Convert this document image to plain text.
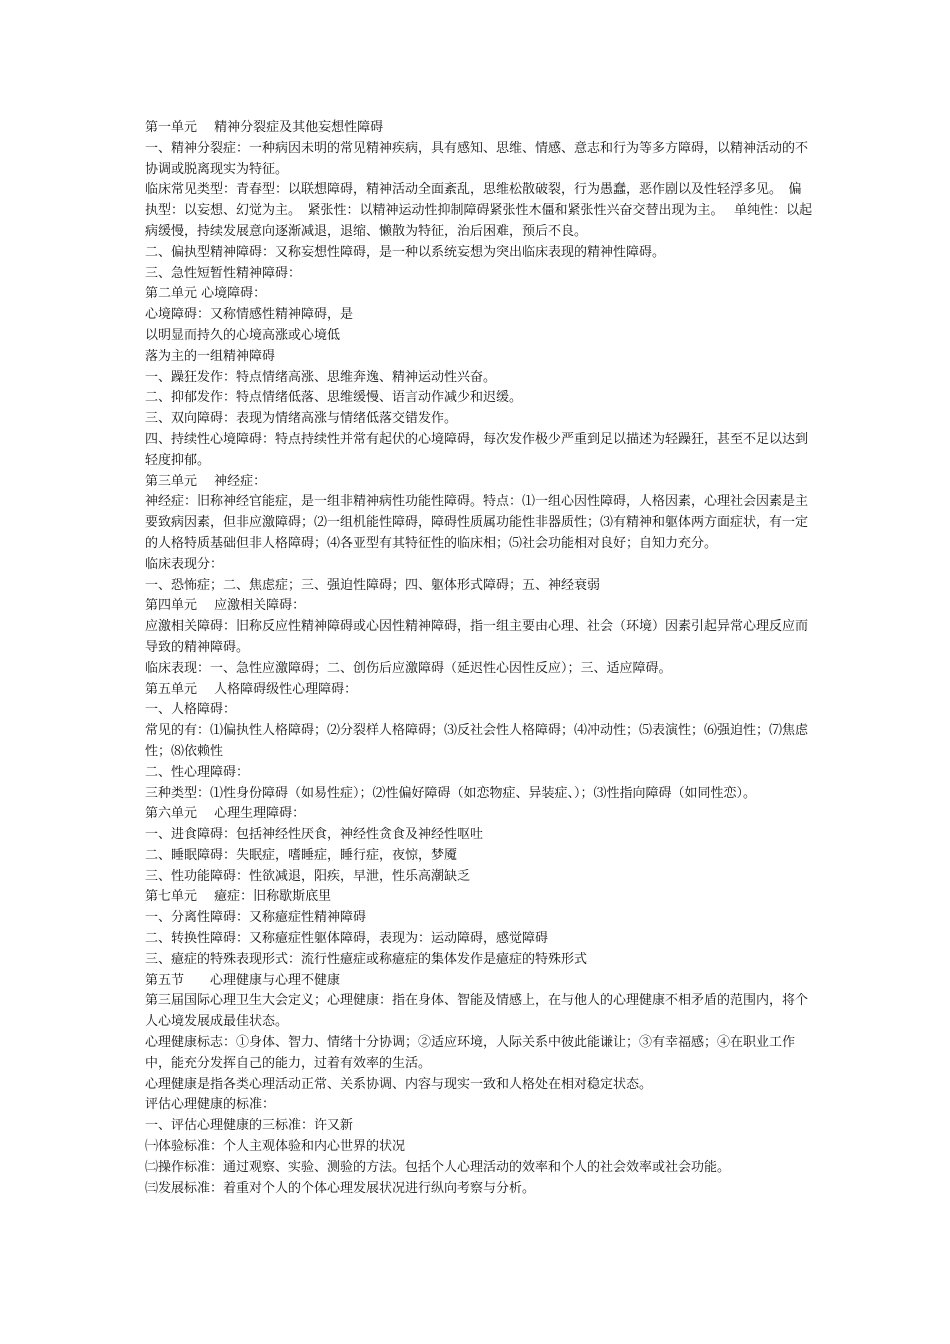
第一单元　 精神分裂症及其他妄想性障碍
一、精神分裂症：一种病因未明的常见精神疾病，具有感知、思维、情感、意志和行为等多方障碍，以精神活动的不协调或脱离现实为特征。
临床常见类型：青春型：以联想障碍，精神活动全面紊乱，思维松散破裂，行为愚蠢，恶作剧以及性轻浮多见。　偏执型：以妄想、幻觉为主。　紧张性：以精神运动性抑制障碍紧张性木僵和紧张性兴奋交替出现为主。　 单纯性：以起病缓慢，持续发展意向逐渐减退，退缩、懒散为特征，治后困难，预后不良。
二、偏执型精神障碍：又称妄想性障碍，是一种以系统妄想为突出临床表现的精神性障碍。
三、急性短暂性精神障碍：
第二单元 心境障碍：
心境障碍：又称情感性精神障碍，是
以明显而持久的心境高涨或心境低
落为主的一组精神障碍
一、躁狂发作：特点情绪高涨、思维奔逸、精神运动性兴奋。
二、抑郁发作：特点情绪低落、思维缓慢、语言动作减少和迟缓。
三、双向障碍：表现为情绪高涨与情绪低落交错发作。
四、持续性心境障碍：特点持续性并常有起伏的心境障碍，每次发作极少严重到足以描述为轻躁狂，甚至不足以达到轻度抑郁。
第三单元　 神经症：
神经症：旧称神经官能症，是一组非精神病性功能性障碍。特点：⑴一组心因性障碍，人格因素，心理社会因素是主要致病因素，但非应激障碍；⑵一组机能性障碍，障碍性质属功能性非器质性；⑶有精神和躯体两方面症状，有一定的人格特质基础但非人格障碍；⑷各亚型有其特征性的临床相；⑸社会功能相对良好；自知力充分。
临床表现分：
一、恐怖症；二、焦虑症；三、强迫性障碍；四、躯体形式障碍；五、神经衰弱
第四单元　 应激相关障碍：
应激相关障碍：旧称反应性精神障碍或心因性精神障碍，指一组主要由心理、社会（环境）因素引起异常心理反应而导致的精神障碍。
临床表现：一、急性应激障碍；二、创伤后应激障碍（延迟性心因性反应）；三、适应障碍。
第五单元　 人格障碍级性心理障碍：
一、人格障碍：
常见的有：⑴偏执性人格障碍；⑵分裂样人格障碍；⑶反社会性人格障碍；⑷冲动性；⑸表演性；⑹强迫性；⑺焦虑性；⑻依赖性
二、性心理障碍：
三种类型：⑴性身份障碍（如易性症）；⑵性偏好障碍（如恋物症、异装症、）；⑶性指向障碍（如同性恋）。
第六单元　 心理生理障碍：
一、进食障碍：包括神经性厌食，神经性贪食及神经性呕吐
二、睡眠障碍：失眠症，嗜睡症，睡行症，夜惊，梦魇
三、性功能障碍：性欲减退，阳疾，早泄，性乐高潮缺乏
第七单元　 癔症：旧称歇斯底里
一、分离性障碍：又称癔症性精神障碍
二、转换性障碍：又称癔症性躯体障碍，表现为：运动障碍，感觉障碍
三、癔症的特殊表现形式：流行性癔症或称癔症的集体发作是癔症的特殊形式
第五节　　心理健康与心理不健康
第三届国际心理卫生大会定义；心理健康：指在身体、智能及情感上，在与他人的心理健康不相矛盾的范围内，将个人心境发展成最佳状态。
心理健康标志：①身体、智力、情绪十分协调；②适应环境，人际关系中彼此能谦让；③有幸福感；④在职业工作中，能充分发挥自己的能力，过着有效率的生活。
心理健康是指各类心理活动正常、关系协调、内容与现实一致和人格处在相对稳定状态。
评估心理健康的标准：
一、评估心理健康的三标准：许又新
㈠体验标准：个人主观体验和内心世界的状况
㈡操作标准：通过观察、实验、测验的方法。包括个人心理活动的效率和个人的社会效率或社会功能。
㈢发展标准：着重对个人的个体心理发展状况进行纵向考察与分析。
